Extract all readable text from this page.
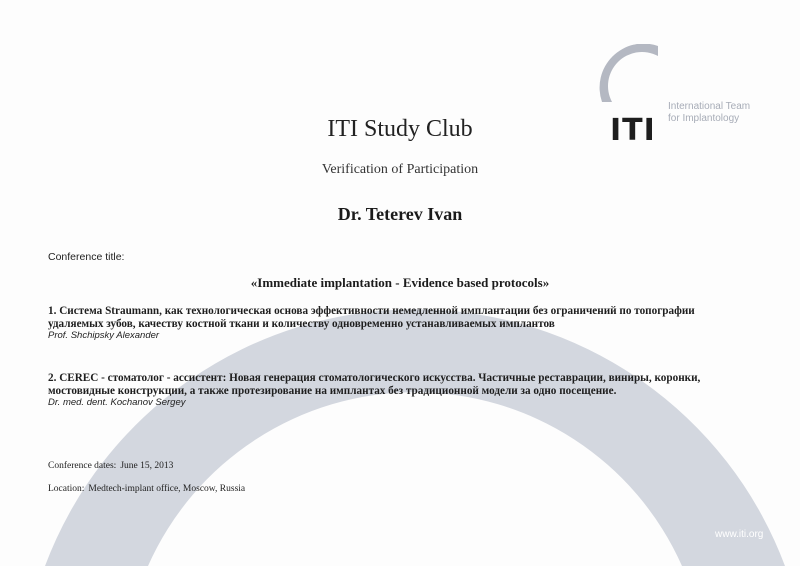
ITI
International Team
for Implantology
ITI Study Club
Verification of Participation
Dr. Teterev Ivan
Conference title:
«Immediate implantation - Evidence based protocols»
1. Система Straumann, как технологическая основа эффективности немедленной имплантации без ограничений по топографии удаляемых зубов, качеству костной ткани и количеству одновременно устанавливаемых имплантов
Prof. Shchipsky Alexander
2. CEREC - стоматолог - ассистент: Новая генерация стоматологического искусства. Частичные реставрации, виниры, коронки, мостовидные конструкции, а также протезирование на имплантах без традиционной модели за одно посещение.
Dr. med. dent. Kochanov Sergey
Conference dates: June 15, 2013
Location: Medtech-implant office, Moscow, Russia
www.iti.org
